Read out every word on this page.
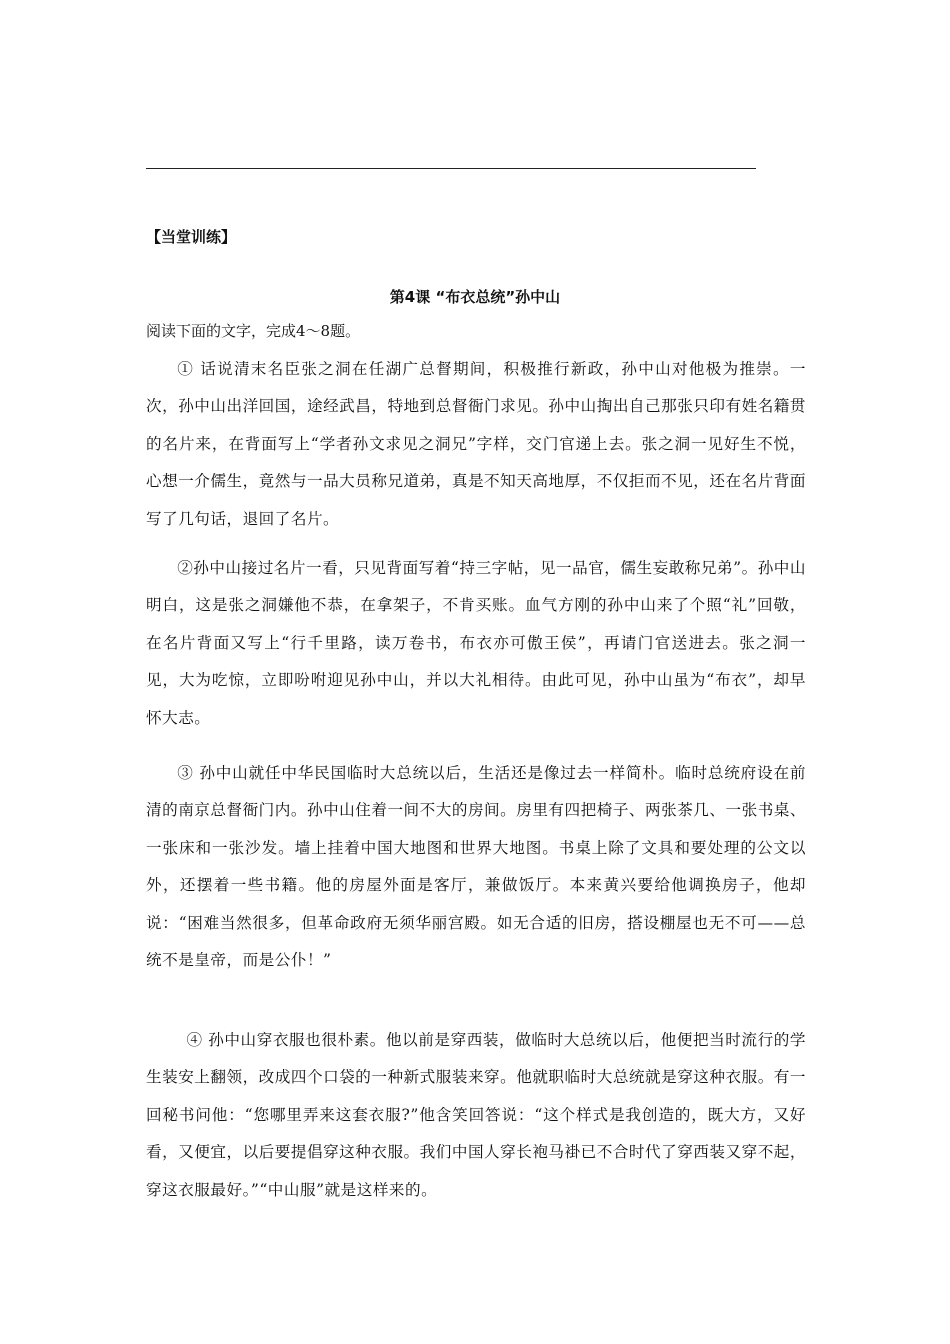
【当堂训练】
第4课 “布衣总统”孙中山
阅读下面的文字，完成4～8题。

① 话说清末名臣张之洞在任湖广总督期间，积极推行新政，孙中山对他极为推崇。一次，孙中山出洋回国，途经武昌，特地到总督衙门求见。孙中山掏出自己那张只印有姓名籍贯的名片来，在背面写上“学者孙文求见之洞兄”字样，交门官递上去。张之洞一见好生不悦，心想一介儒生，竟然与一品大员称兄道弟，真是不知天高地厚，不仅拒而不见，还在名片背面写了几句话，退回了名片。

②孙中山接过名片一看，只见背面写着“持三字帖，见一品官，儒生妄敢称兄弟”。孙中山明白，这是张之洞嫌他不恭，在拿架子，不肯买账。血气方刚的孙中山来了个照“礼”回敬，在名片背面又写上“行千里路，读万卷书，布衣亦可傲王侯”，再请门官送进去。张之洞一见，大为吃惊，立即吩咐迎见孙中山，并以大礼相待。由此可见，孙中山虽为“布衣”，却早怀大志。

③ 孙中山就任中华民国临时大总统以后，生活还是像过去一样简朴。临时总统府设在前清的南京总督衙门内。孙中山住着一间不大的房间。房里有四把椅子、两张茶几、一张书桌、一张床和一张沙发。墙上挂着中国大地图和世界大地图。书桌上除了文具和要处理的公文以外，还摆着一些书籍。他的房屋外面是客厅，兼做饭厅。本来黄兴要给他调换房子，他却说：“困难当然很多，但革命政府无须华丽宫殿。如无合适的旧房，搭设棚屋也无不可——总统不是皇帝，而是公仆！”

④ 孙中山穿衣服也很朴素。他以前是穿西装，做临时大总统以后，他便把当时流行的学生装安上翻领，改成四个口袋的一种新式服装来穿。他就职临时大总统就是穿这种衣服。有一回秘书问他：“您哪里弄来这套衣服?”他含笑回答说：“这个样式是我创造的，既大方，又好看，又便宜，以后要提倡穿这种衣服。我们中国人穿长袍马褂已不合时代了穿西装又穿不起，穿这衣服最好。”“中山服”就是这样来的。
